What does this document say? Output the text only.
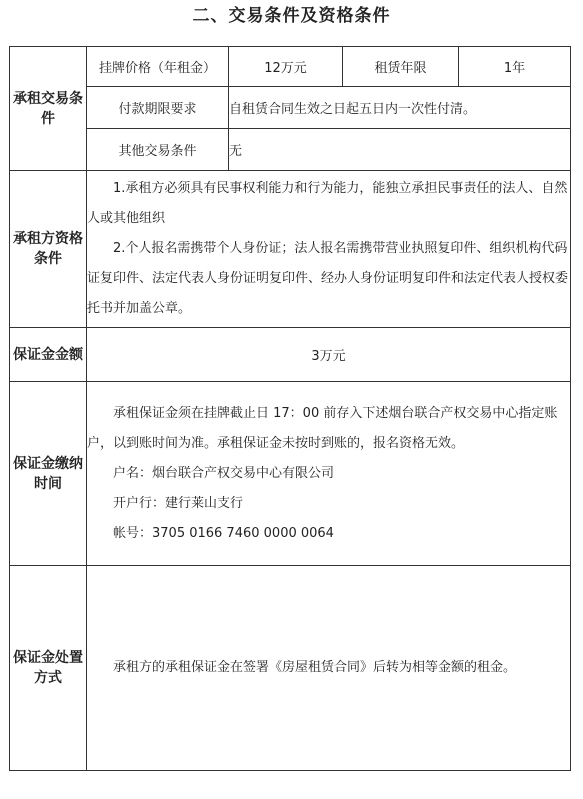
二、交易条件及资格条件
承租交易条件	挂牌价格（年租金）	12万元	租赁年限	1年
	付款期限要求	自租赁合同生效之日起五日内一次性付清。		
	其他交易条件	无		
承租方资格条件	1.承租方必须具有民事权利能力和行为能力，能独立承担民事责任的法人、自然人或其他组织

2.个人报名需携带个人身份证；法人报名需携带营业执照复印件、组织机构代码证复印件、法定代表人身份证明复印件、经办人身份证明复印件和法定代表人授权委托书并加盖公章。			

保证金金额	3万元			
保证金缴纳时间	承租保证金须在挂牌截止日 17：00 前存入下述烟台联合产权交易中心指定账户，以到账时间为准。承租保证金未按时到账的，报名资格无效。

户名：烟台联合产权交易中心有限公司

开户行：建行莱山支行

帐号：3705 0166 7460 0000 0064			

保证金处置方式	承租方的承租保证金在签署《房屋租赁合同》后转为相等金额的租金。			
